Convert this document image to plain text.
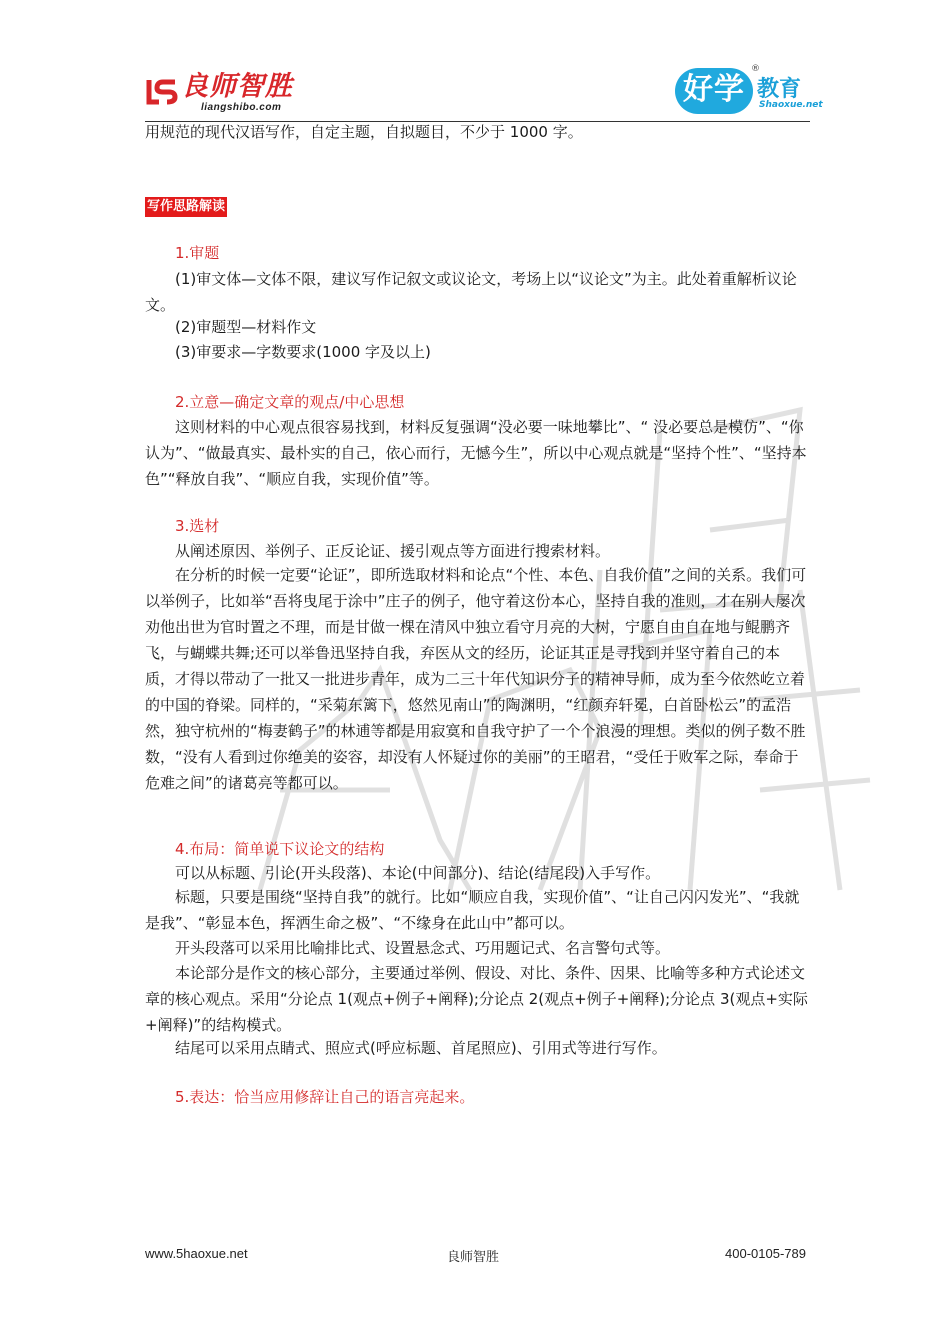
良师智胜
liangshibo.com
好学
®
教育
Shaoxue.net
良师智胜
用规范的现代汉语写作，自定主题，自拟题目，不少于 1000 字。
写作思路解读
1.审题
(1)审文体—文体不限，建议写作记叙文或议论文，考场上以“议论文”为主。此处着重解析议论文。
(2)审题型—材料作文
(3)审要求—字数要求(1000 字及以上)
2.立意—确定文章的观点/中心思想
这则材料的中心观点很容易找到，材料反复强调“没必要一味地攀比”、“ 没必要总是模仿”、“你认为”、“做最真实、最朴实的自己，依心而行，无憾今生”，所以中心观点就是“坚持个性”、“坚持本色”“释放自我”、“顺应自我，实现价值”等。
3.选材
从阐述原因、举例子、正反论证、援引观点等方面进行搜索材料。
在分析的时候一定要“论证”，即所选取材料和论点“个性、本色、自我价值”之间的关系。我们可以举例子，比如举“吾将曳尾于涂中”庄子的例子，他守着这份本心，坚持自我的准则，才在别人屡次劝他出世为官时置之不理，而是甘做一棵在清风中独立看守月亮的大树，宁愿自由自在地与鲲鹏齐飞，与蝴蝶共舞;还可以举鲁迅坚持自我，弃医从文的经历，论证其正是寻找到并坚守着自己的本质，才得以带动了一批又一批进步青年，成为二三十年代知识分子的精神导师，成为至今依然屹立着的中国的脊梁。同样的，“采菊东篱下，悠然见南山”的陶渊明，“红颜弃轩冕，白首卧松云”的孟浩然，独守杭州的“梅妻鹤子”的林逋等都是用寂寞和自我守护了一个个浪漫的理想。类似的例子数不胜数，“没有人看到过你绝美的姿容，却没有人怀疑过你的美丽”的王昭君，“受任于败军之际，奉命于危难之间”的诸葛亮等都可以。
4.布局：简单说下议论文的结构
可以从标题、引论(开头段落)、本论(中间部分)、结论(结尾段)入手写作。
标题，只要是围绕“坚持自我”的就行。比如“顺应自我，实现价值”、“让自己闪闪发光”、“我就是我”、“彰显本色，挥洒生命之极”、“不缘身在此山中”都可以。
开头段落可以采用比喻排比式、设置悬念式、巧用题记式、名言警句式等。
本论部分是作文的核心部分，主要通过举例、假设、对比、条件、因果、比喻等多种方式论述文章的核心观点。采用“分论点 1(观点+例子+阐释);分论点 2(观点+例子+阐释);分论点 3(观点+实际+阐释)”的结构模式。
结尾可以采用点睛式、照应式(呼应标题、首尾照应)、引用式等进行写作。
5.表达：恰当应用修辞让自己的语言亮起来。
www.5haoxue.net	良师智胜	400-0105-789
